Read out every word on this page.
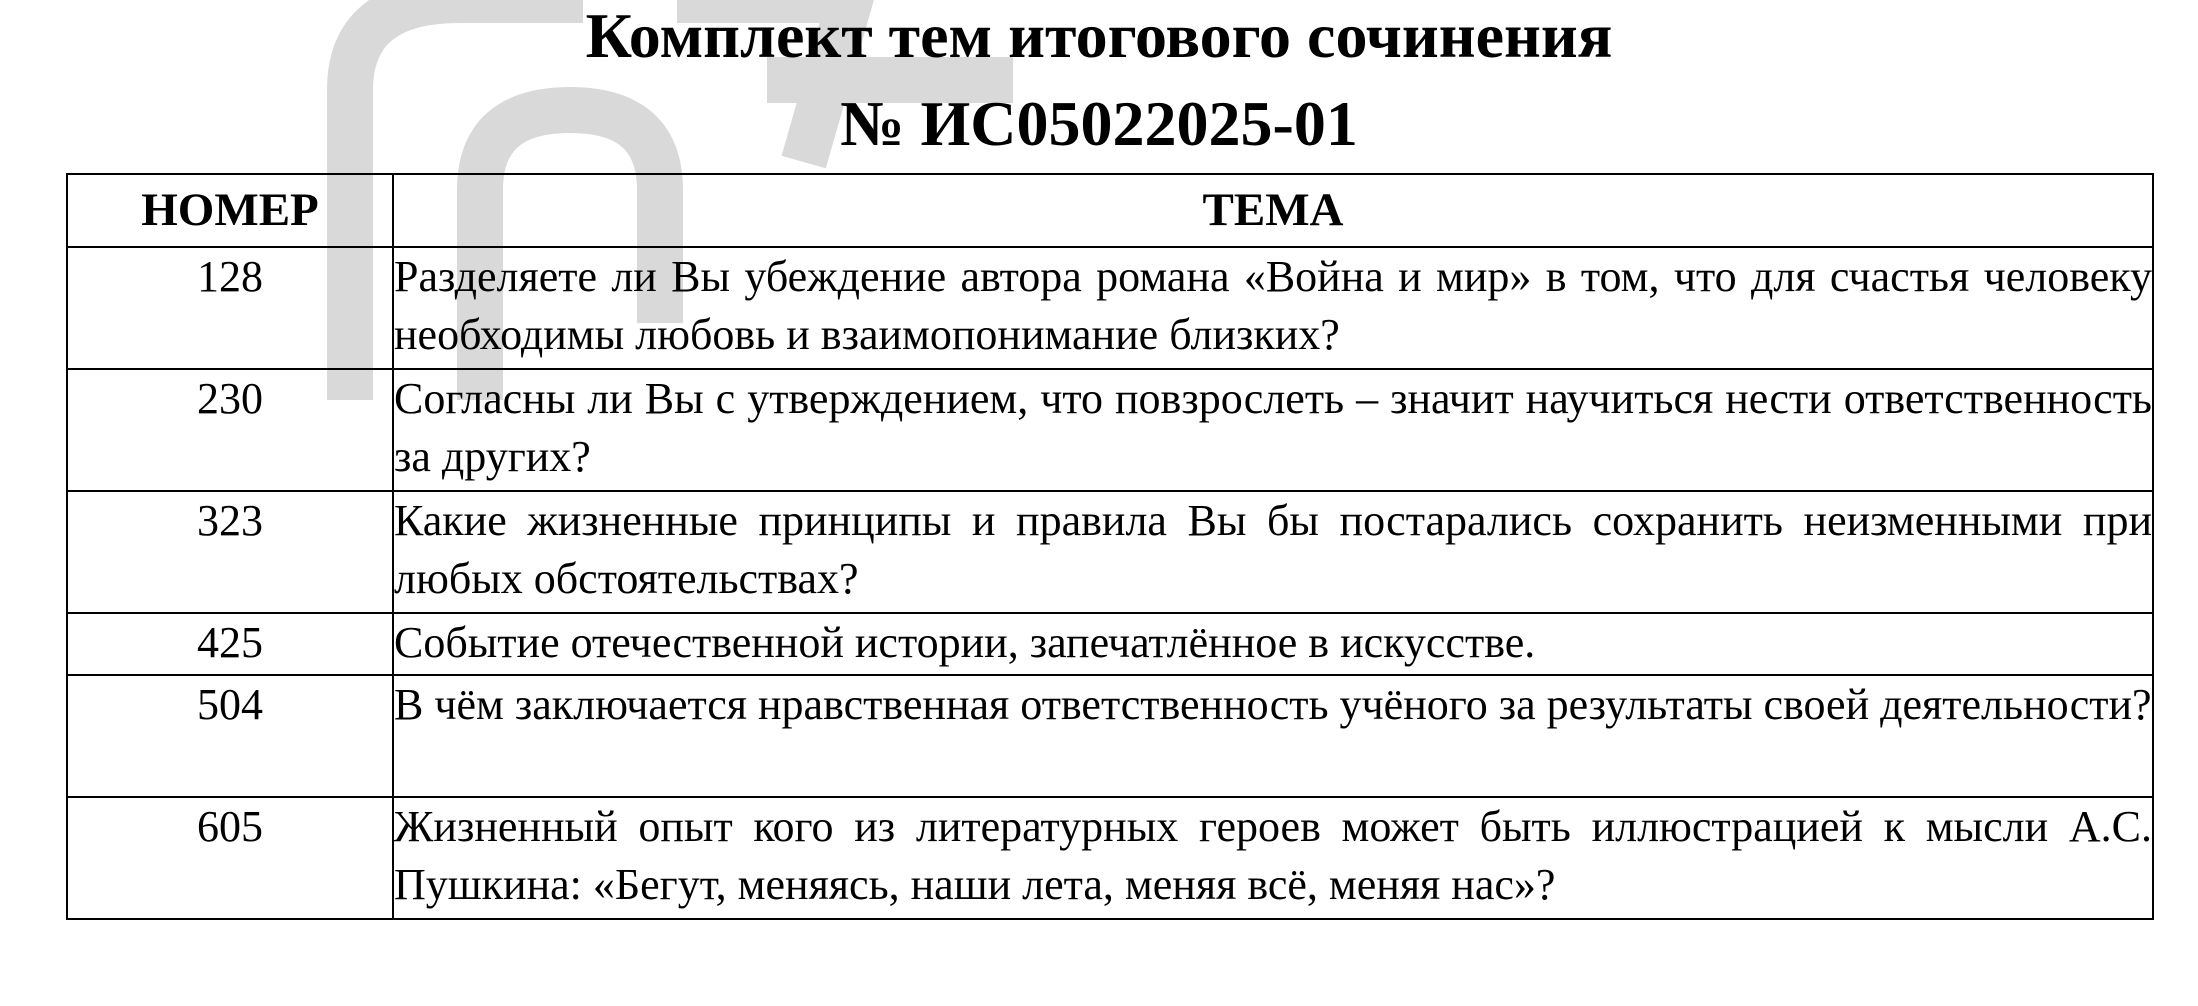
Комплект тем итогового сочинения
№ ИС05022025-01
НОМЕР	ТЕМА
128	Разделяете ли Вы убеждение автора романа «Война и мир» в том, что для счастья человеку необходимы любовь и взаимопонимание близких?
230	Согласны ли Вы с утверждением, что повзрослеть – значит научиться нести ответственность за других?
323	Какие жизненные принципы и правила Вы бы постарались сохранить неизменными при любых обстоятельствах?
425	Событие отечественной истории, запечатлённое в искусстве.
504	В чём заключается нравственная ответственность учёного за результаты своей деятельности?
605	Жизненный опыт кого из литературных героев может быть иллюстрацией к мысли А.С. Пушкина: «Бегут, меняясь, наши лета, меняя всё, меняя нас»?
